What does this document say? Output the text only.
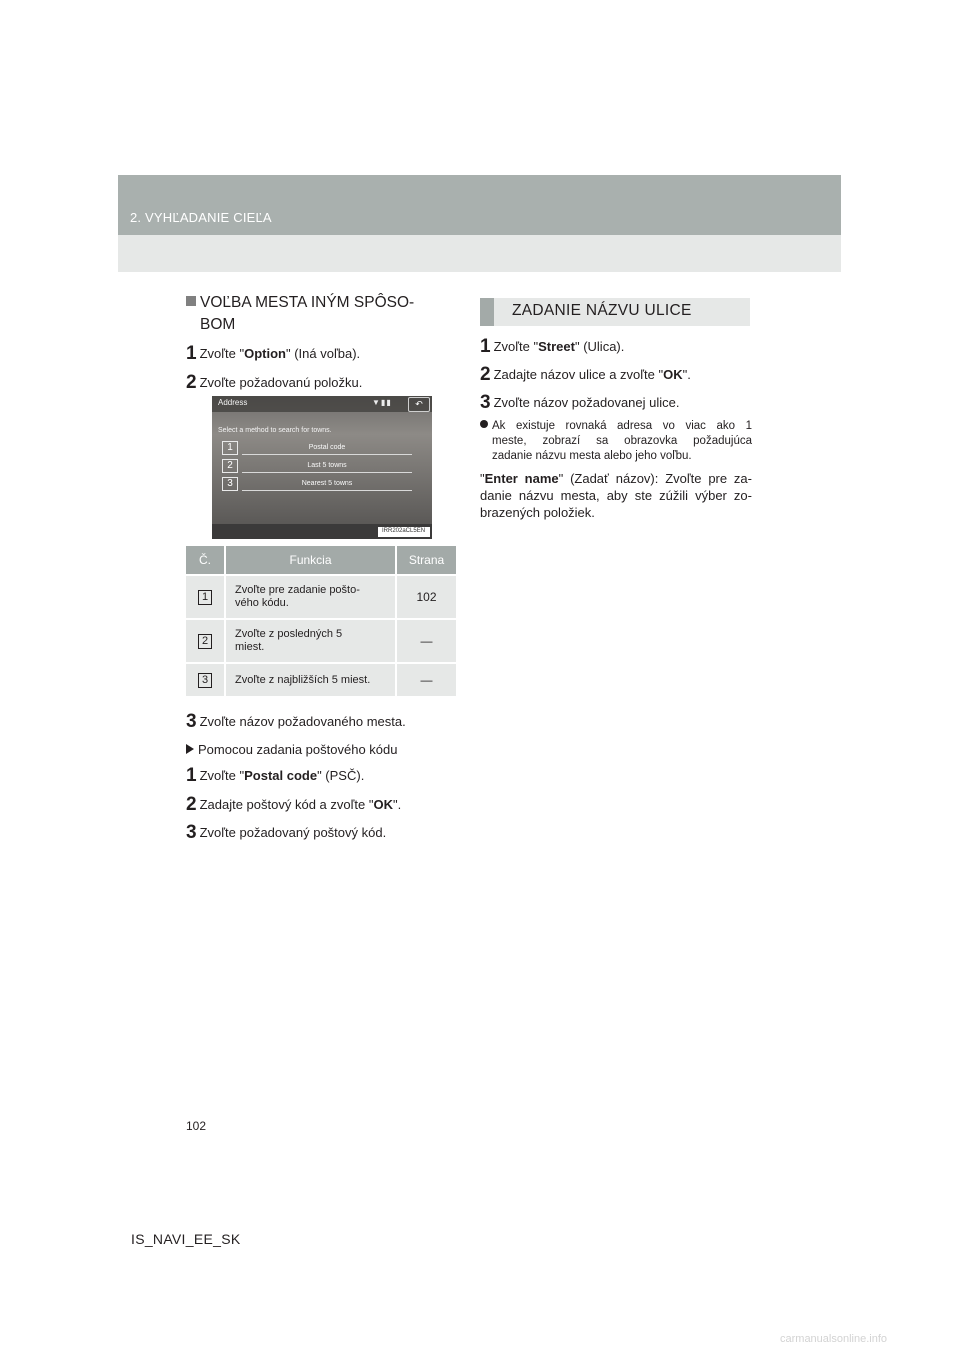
2. VYHĽADANIE CIEĽA
VOĽBA MESTA INÝM SPÔSO-
BOM
1 Zvoľte "Option" (Iná voľba).
2 Zvoľte požadovanú položku.
Address	▼▮▮	↶
Select a method to search for towns.
1	Postal code
2	Last 5 towns
3	Nearest 5 towns
IRR202aCL5EN
Č.	Funkcia	Strana
1	Zvoľte pre zadanie pošto-
vého kódu.	102
2	Zvoľte z posledných 5
miest.	—
3	Zvoľte z najbližších 5 miest.	—
3 Zvoľte názov požadovaného mesta.
Pomocou zadania poštového kódu
1 Zvoľte "Postal code" (PSČ).
2 Zadajte poštový kód a zvoľte "OK".
3 Zvoľte požadovaný poštový kód.
ZADANIE NÁZVU ULICE
1 Zvoľte "Street" (Ulica).
2 Zadajte názov ulice a zvoľte "OK".
3 Zvoľte názov požadovanej ulice.
Ak existuje rovnaká adresa vo viac ako 1
meste, zobrazí sa obrazovka požadujúca
zadanie názvu mesta alebo jeho voľbu.
"Enter name" (Zadať názov): Zvoľte pre za-
danie názvu mesta, aby ste zúžili výber zo-
brazených položiek.
102
IS_NAVI_EE_SK
carmanualsonline.info
